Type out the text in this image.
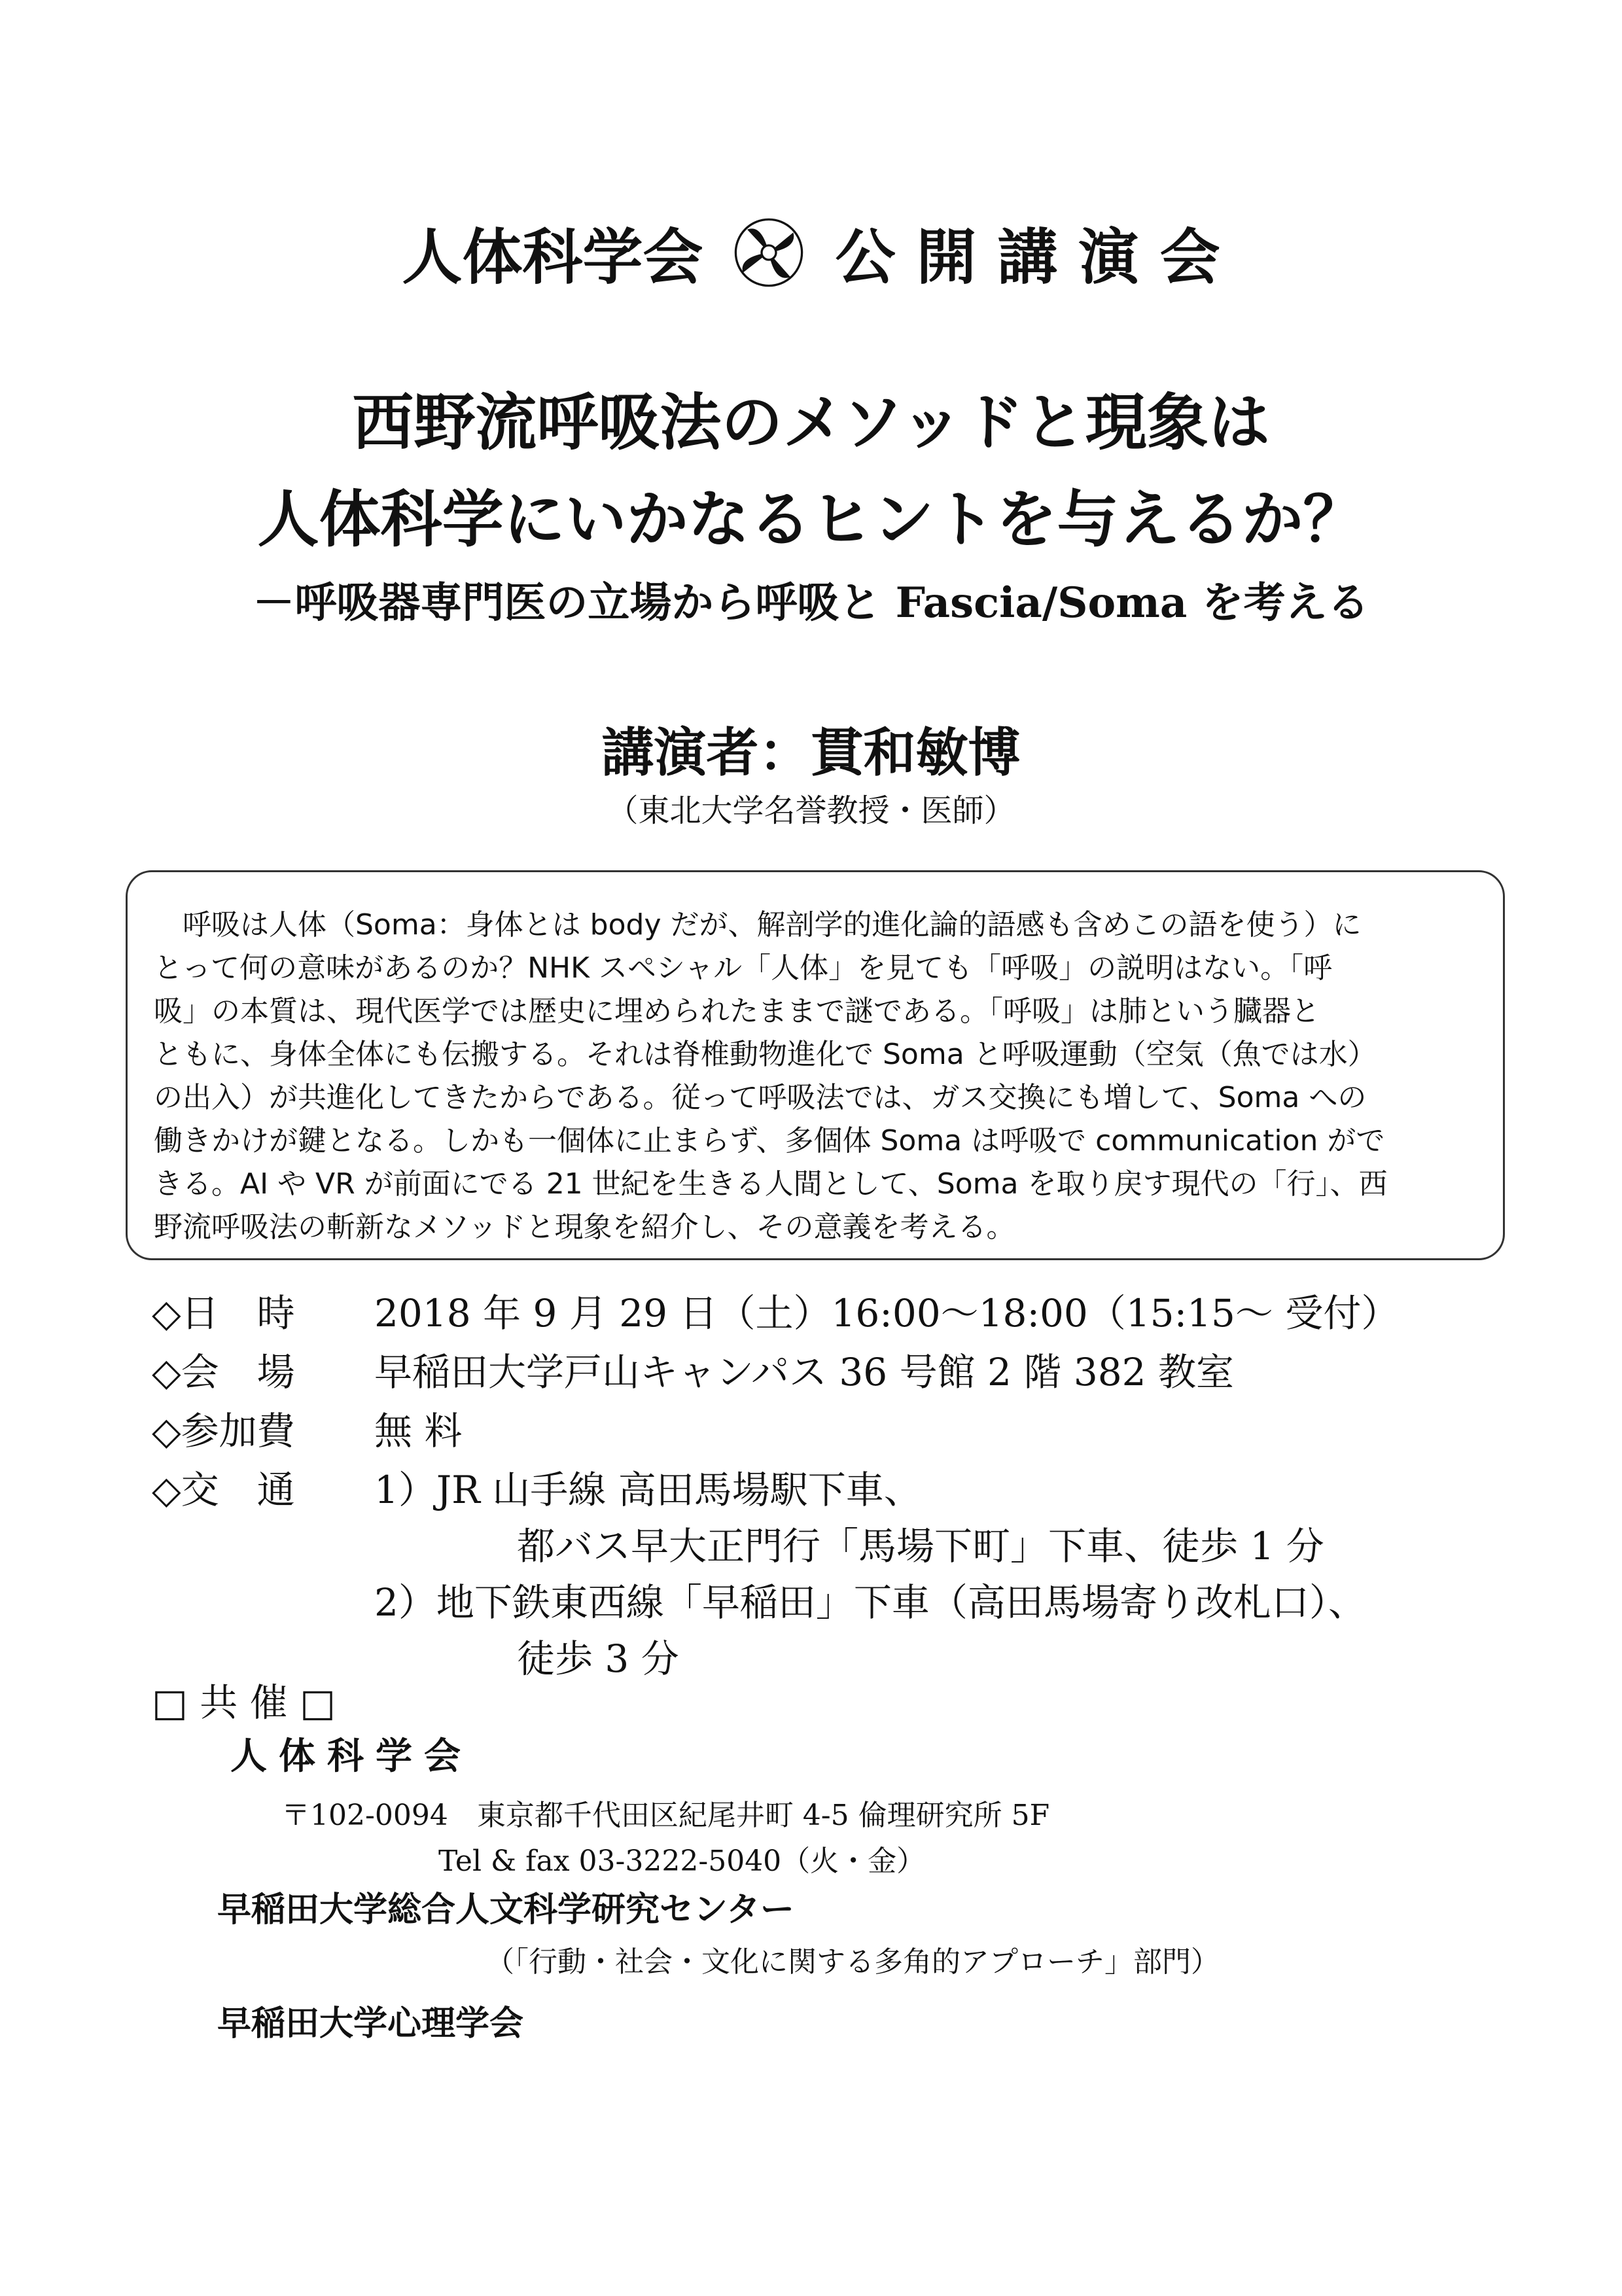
人体科学会 公 開 講 演 会
西野流呼吸法のメソッドと現象は
人体科学にいかなるヒントを与えるか？
－呼吸器専門医の立場から呼吸と Fascia/Soma を考える
講演者：貫和敏博
（東北大学名誉教授・医師）
　呼吸は人体（Soma：身体とは body だが、解剖学的進化論的語感も含めこの語を使う）に
とって何の意味があるのか？NHK スペシャル「人体」を見ても「呼吸」の説明はない。「呼
吸」の本質は、現代医学では歴史に埋められたままで謎である。「呼吸」は肺という臓器と
ともに、身体全体にも伝搬する。それは脊椎動物進化で Soma と呼吸運動（空気（魚では水）
の出入）が共進化してきたからである。従って呼吸法では、ガス交換にも増して、Soma への
働きかけが鍵となる。しかも一個体に止まらず、多個体 Soma は呼吸で communication がで
きる。AI や VR が前面にでる 21 世紀を生きる人間として、Soma を取り戻す現代の「行」、西
野流呼吸法の斬新なメソッドと現象を紹介し、その意義を考える。
◇日　時 2018 年 9 月 29 日（土）16:00～18:00（15:15～ 受付）
◇会　場 早稲田大学戸山キャンパス 36 号館 2 階 382 教室
◇参加費 無 料
◇交　通 1）JR 山手線 高田馬場駅下車、
都バス早大正門行「馬場下町」下車、徒歩 1 分
2）地下鉄東西線「早稲田」下車（高田馬場寄り改札口）、
徒歩 3 分
□ 共 催 □
人体科学会
〒102-0094　東京都千代田区紀尾井町 4-5 倫理研究所 5F
Tel & fax 03-3222-5040（火・金）
早稲田大学総合人文科学研究センター
（「行動・社会・文化に関する多角的アプローチ」部門）
早稲田大学心理学会
